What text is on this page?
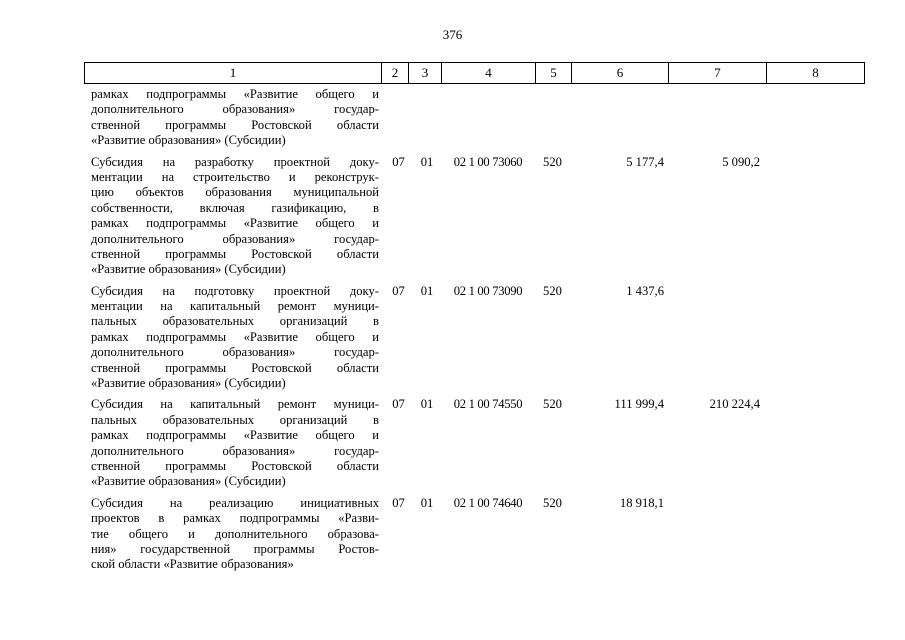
376
1	2	3	4	5	6	7	8
рамках подпрограммы «Развитие общего и
дополнительного образования» государ-
ственной программы Ростовской области
«Развитие образования» (Субсидии)
Субсидия на разработку проектной доку-
ментации на строительство и реконструк-
цию объектов образования муниципальной
собственности, включая газификацию, в
рамках подпрограммы «Развитие общего и
дополнительного образования» государ-
ственной программы Ростовской области
«Развитие образования» (Субсидии)
07	01	02 1 00 73060	520	5 177,4	5 090,2
Субсидия на подготовку проектной доку-
ментации на капитальный ремонт муници-
пальных образовательных организаций в
рамках подпрограммы «Развитие общего и
дополнительного образования» государ-
ственной программы Ростовской области
«Развитие образования» (Субсидии)
07	01	02 1 00 73090	520	1 437,6
Субсидия на капитальный ремонт муници-
пальных образовательных организаций в
рамках подпрограммы «Развитие общего и
дополнительного образования» государ-
ственной программы Ростовской области
«Развитие образования» (Субсидии)
07	01	02 1 00 74550	520	111 999,4	210 224,4
Субсидия на реализацию инициативных
проектов в рамках подпрограммы «Разви-
тие общего и дополнительного образова-
ния» государственной программы Ростов-
ской области «Развитие образования»
07	01	02 1 00 74640	520	18 918,1
